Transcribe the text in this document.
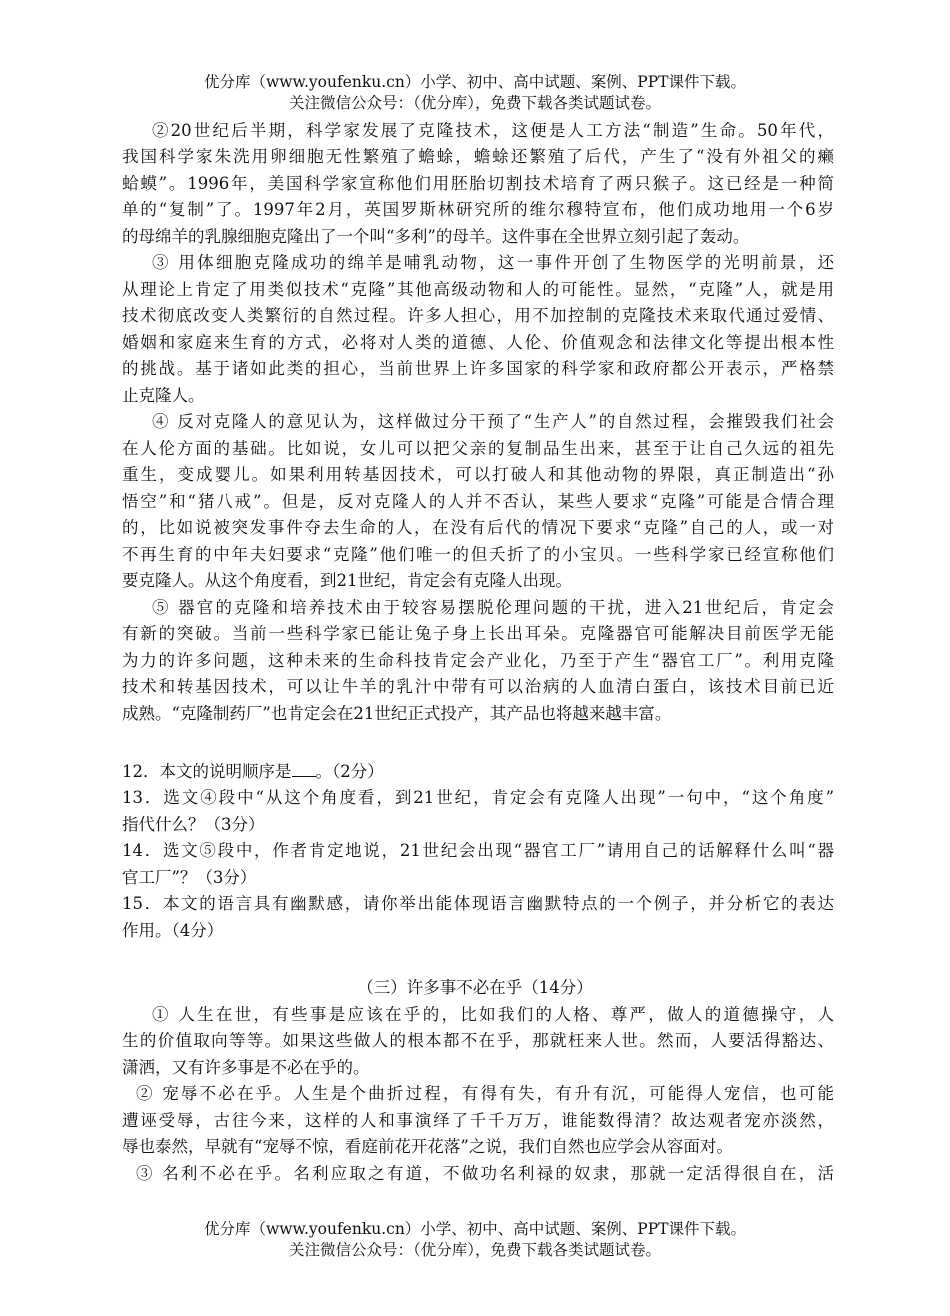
优分库（www.youfenku.cn）小学、初中、高中试题、案例、PPT课件下载。
关注微信公众号：（优分库），免费下载各类试题试卷。
②20世纪后半期，科学家发展了克隆技术，这便是人工方法“制造”生命。50年代，
我国科学家朱洗用卵细胞无性繁殖了蟾蜍，蟾蜍还繁殖了后代，产生了“没有外祖父的癞
蛤蟆”。1996年，美国科学家宣称他们用胚胎切割技术培育了两只猴子。这已经是一种简
单的“复制”了。1997年2月，英国罗斯林研究所的维尔穆特宣布，他们成功地用一个6岁
的母绵羊的乳腺细胞克隆出了一个叫“多利”的母羊。这件事在全世界立刻引起了轰动。
③ 用体细胞克隆成功的绵羊是哺乳动物，这一事件开创了生物医学的光明前景，还
从理论上肯定了用类似技术“克隆”其他高级动物和人的可能性。显然，“克隆”人，就是用
技术彻底改变人类繁衍的自然过程。许多人担心，用不加控制的克隆技术来取代通过爱情、
婚姻和家庭来生育的方式，必将对人类的道德、人伦、价值观念和法律文化等提出根本性
的挑战。基于诸如此类的担心，当前世界上许多国家的科学家和政府都公开表示，严格禁
止克隆人。
④ 反对克隆人的意见认为，这样做过分干预了“生产人”的自然过程，会摧毁我们社会
在人伦方面的基础。比如说，女儿可以把父亲的复制品生出来，甚至于让自己久远的祖先
重生，变成婴儿。如果利用转基因技术，可以打破人和其他动物的界限，真正制造出“孙
悟空”和“猪八戒”。但是，反对克隆人的人并不否认，某些人要求“克隆”可能是合情合理
的，比如说被突发事件夺去生命的人，在没有后代的情况下要求“克隆”自己的人，或一对
不再生育的中年夫妇要求“克隆”他们唯一的但夭折了的小宝贝。一些科学家已经宣称他们
要克隆人。从这个角度看，到21世纪，肯定会有克隆人出现。
⑤ 器官的克隆和培养技术由于较容易摆脱伦理问题的干扰，进入21世纪后，肯定会
有新的突破。当前一些科学家已能让兔子身上长出耳朵。克隆器官可能解决目前医学无能
为力的许多问题，这种未来的生命科技肯定会产业化，乃至于产生“器官工厂”。利用克隆
技术和转基因技术，可以让牛羊的乳汁中带有可以治病的人血清白蛋白，该技术目前已近
成熟。“克隆制药厂”也肯定会在21世纪正式投产，其产品也将越来越丰富。
12．本文的说明顺序是 。（2分）
13．选文④段中“从这个角度看，到21世纪，肯定会有克隆人出现”一句中，“这个角度”
指代什么？（3分）
14．选文⑤段中，作者肯定地说，21世纪会出现“器官工厂”请用自己的话解释什么叫“器
官工厂”？（3分）
15．本文的语言具有幽默感，请你举出能体现语言幽默特点的一个例子，并分析它的表达
作用。（4分）
（三）许多事不必在乎（14分）
① 人生在世，有些事是应该在乎的，比如我们的人格、尊严，做人的道德操守，人
生的价值取向等等。如果这些做人的根本都不在乎，那就枉来人世。然而，人要活得豁达、
潇洒，又有许多事是不必在乎的。
② 宠辱不必在乎。人生是个曲折过程，有得有失，有升有沉，可能得人宠信，也可能
遭诬受辱，古往今来，这样的人和事演绎了千千万万，谁能数得清？故达观者宠亦淡然，
辱也泰然，早就有“宠辱不惊，看庭前花开花落”之说，我们自然也应学会从容面对。
③ 名利不必在乎。名利应取之有道，不做功名利禄的奴隶，那就一定活得很自在，活
优分库（www.youfenku.cn）小学、初中、高中试题、案例、PPT课件下载。
关注微信公众号：（优分库），免费下载各类试题试卷。
